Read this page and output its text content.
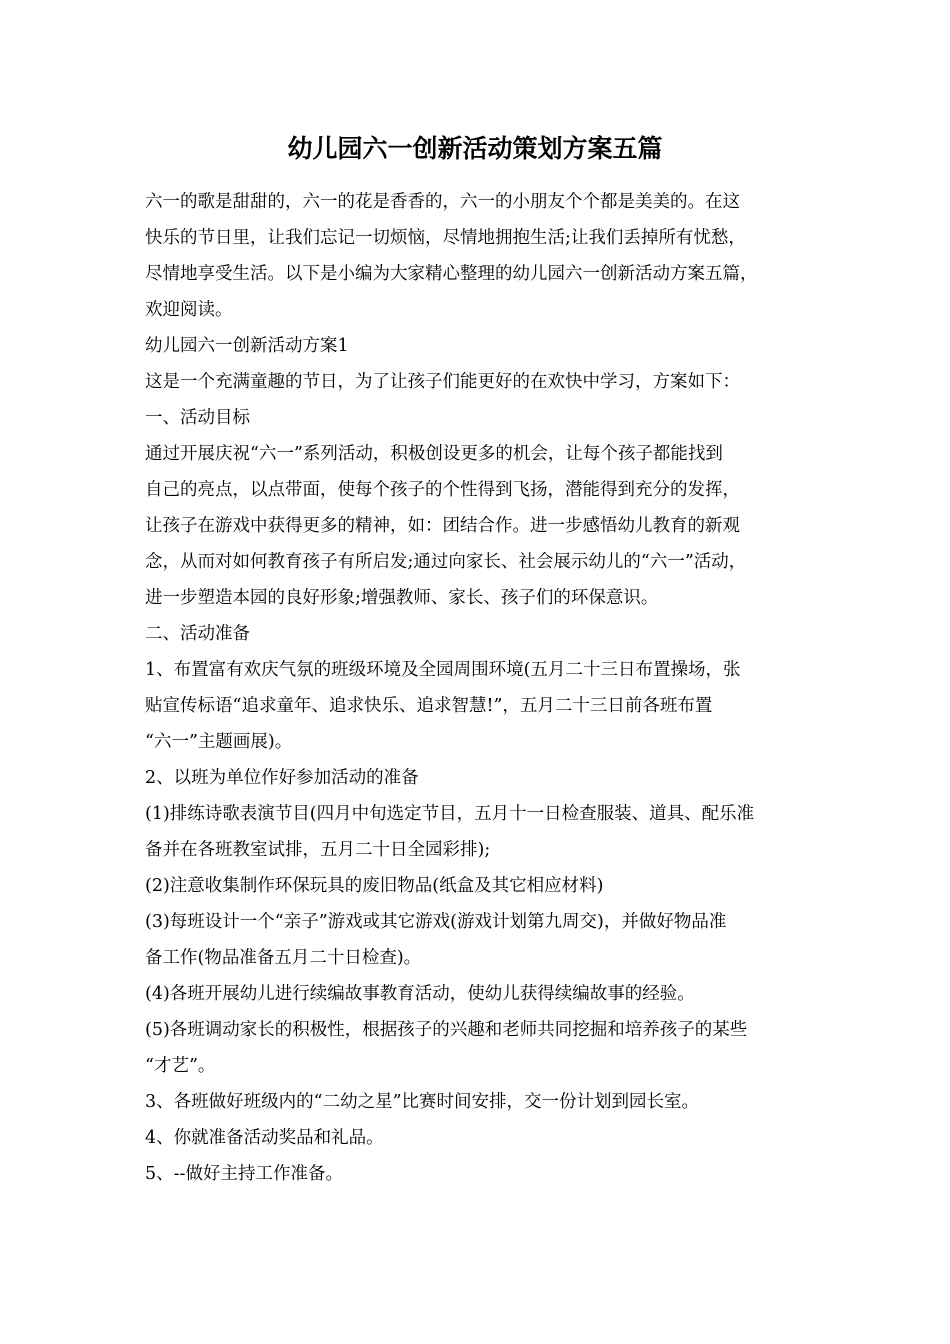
幼儿园六一创新活动策划方案五篇

六一的歌是甜甜的，六一的花是香香的，六一的小朋友个个都是美美的。在这

快乐的节日里，让我们忘记一切烦恼，尽情地拥抱生活;让我们丢掉所有忧愁，

尽情地享受生活。以下是小编为大家精心整理的幼儿园六一创新活动方案五篇，

欢迎阅读。

幼儿园六一创新活动方案1

这是一个充满童趣的节日，为了让孩子们能更好的在欢快中学习，方案如下：

一、活动目标

通过开展庆祝“六一”系列活动，积极创设更多的机会，让每个孩子都能找到

自己的亮点，以点带面，使每个孩子的个性得到飞扬，潜能得到充分的发挥，

让孩子在游戏中获得更多的精神，如：团结合作。进一步感悟幼儿教育的新观

念，从而对如何教育孩子有所启发;通过向家长、社会展示幼儿的“六一”活动，

进一步塑造本园的良好形象;增强教师、家长、孩子们的环保意识。

二、活动准备

1、布置富有欢庆气氛的班级环境及全园周围环境(五月二十三日布置操场，张

贴宣传标语“追求童年、追求快乐、追求智慧!”，五月二十三日前各班布置

“六一”主题画展)。

2、以班为单位作好参加活动的准备

(1)排练诗歌表演节目(四月中旬选定节目，五月十一日检查服装、道具、配乐准

备并在各班教室试排，五月二十日全园彩排);

(2)注意收集制作环保玩具的废旧物品(纸盒及其它相应材料)

(3)每班设计一个“亲子”游戏或其它游戏(游戏计划第九周交)，并做好物品准

备工作(物品准备五月二十日检查)。

(4)各班开展幼儿进行续编故事教育活动，使幼儿获得续编故事的经验。

(5)各班调动家长的积极性，根据孩子的兴趣和老师共同挖掘和培养孩子的某些

“才艺”。

3、各班做好班级内的“二幼之星”比赛时间安排，交一份计划到园长室。

4、你就准备活动奖品和礼品。

5、--做好主持工作准备。
